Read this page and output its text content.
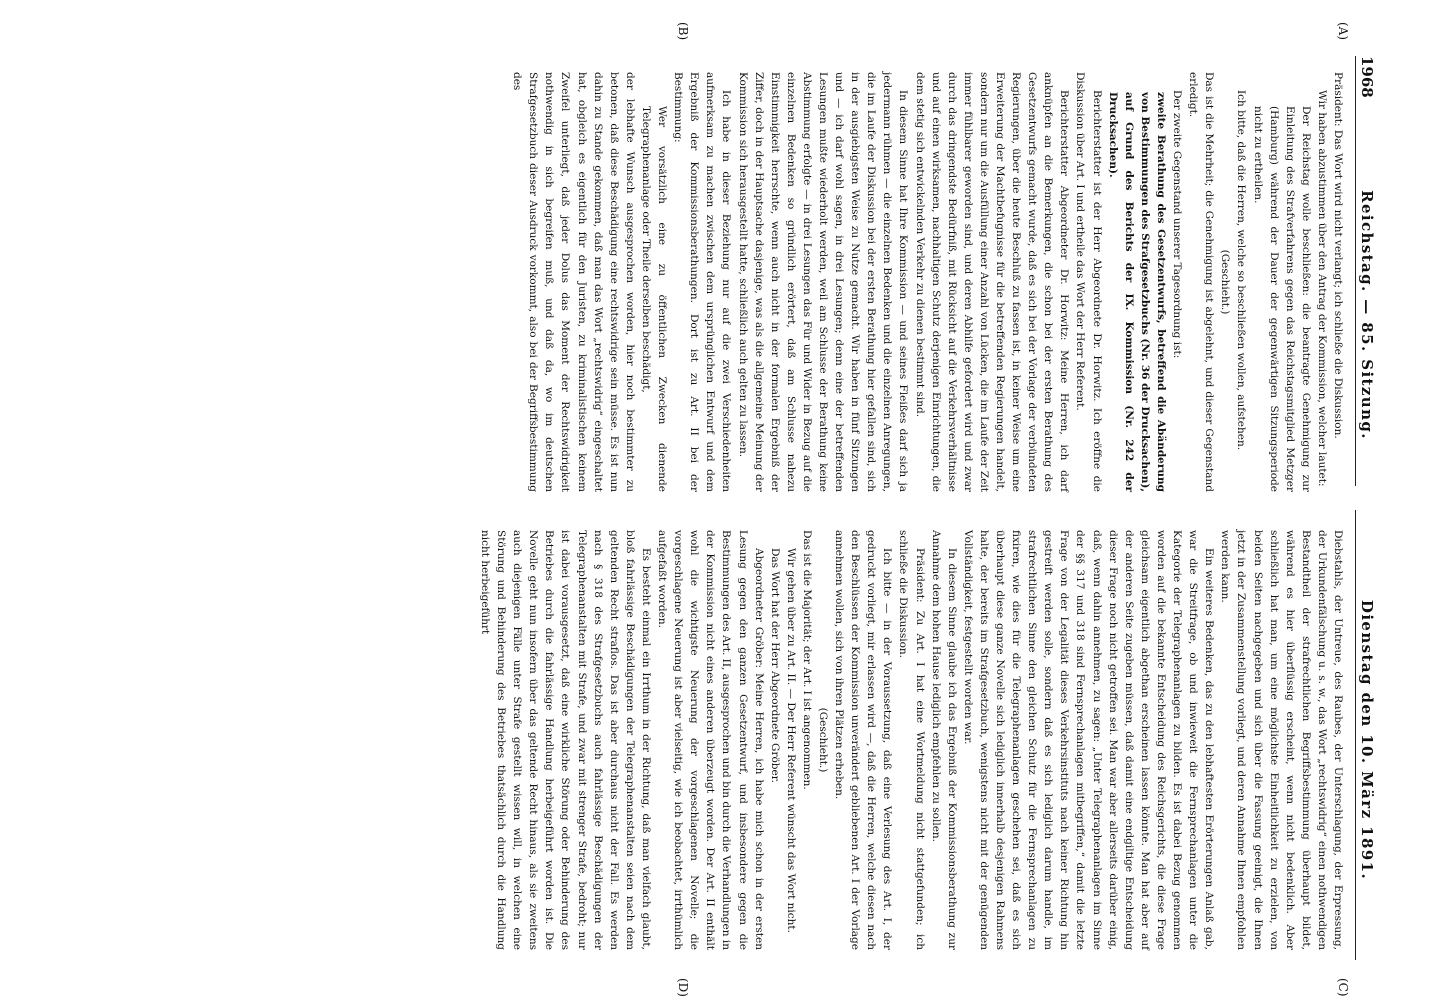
1968
Reichstag. — 85. Sitzung.
Dienstag den 10. März 1891.
(A)
(B)
(C)
(D)

Präsident: Das Wort wird nicht verlangt; ich schließe die Diskussion.

Wir haben abzustimmen über den Antrag der Kommission, welcher lautet:

Der Reichstag wolle beschließen: die beantragte Genehmigung zur Einleitung des Strafverfahrens gegen das Reichstagsmitglied Metzger (Hamburg) während der Dauer der gegenwärtigen Sitzungsperiode nicht zu ertheilen.

Ich bitte, daß die Herren, welche so beschließen wollen, aufstehen.

(Geschieht.)

Das ist die Mehrheit; die Genehmigung ist abgelehnt, und dieser Gegenstand erledigt.

Der zweite Gegenstand unserer Tagesordnung ist:

zweite Berathung des Gesetzentwurfs, betreffend die Abänderung von Bestimmungen des Strafgesetzbuchs (Nr. 36 der Drucksachen), auf Grund des Berichts der IX. Kommission (Nr. 242 der Drucksachen).

Berichterstatter ist der Herr Abgeordnete Dr. Horwitz. Ich eröffne die Diskussion über Art. I und ertheile das Wort der Herr Referent.

Berichterstatter Abgeordneter Dr. Horwitz: Meine Herren, ich darf anknüpfen an die Bemerkungen, die schon bei der ersten Berathung des Gesetzentwurfs gemacht wurde, daß es sich bei der Vorlage der verbündeten Regierungen, über die heute Beschluß zu fassen ist, in keiner Weise um eine Erweiterung der Machtbefugnisse für die betreffenden Regierungen handelt, sondern nur um die Ausfüllung einer Anzahl von Lücken, die im Laufe der Zeit immer fühlbarer geworden sind, und deren Abhilfe gefordert wird und zwar durch das dringendste Bedürfniß, mit Rücksicht auf die Verkehrsverhältnisse und auf einen wirksamen, nachhaltigen Schutz derjenigen Einrichtungen, die dem stetig sich entwickelnden Verkehr zu dienen bestimmt sind.

In diesem Sinne hat Ihre Kommission — und seines Fleißes darf sich ja jedermann rühmen — die einzelnen Bedenken und die einzelnen Anregungen, die im Laufe der Diskussion bei der ersten Berathung hier gefallen sind, sich in der ausgiebigsten Weise zu Nutze gemacht. Wir haben in fünf Sitzungen und — ich darf wohl sagen, in drei Lesungen; denn eine der betreffenden Lesungen mußte wiederholt werden, weil am Schlusse der Berathung keine Abstimmung erfolgte — in drei Lesungen das Für und Wider in Bezug auf die einzelnen Bedenken so gründlich erörtert, daß am Schlusse nahezu Einstimmigkeit herrschte, wenn auch nicht in der formalen Ergebniß der Ziffer, doch in der Hauptsache dasjenige, was als die allgemeine Meinung der Kommission sich herausgestellt hatte, schließlich auch gelten zu lassen.

Ich habe in dieser Beziehung nur auf die zwei Verschiedenheiten aufmerksam zu machen zwischen dem ursprünglichen Entwurf und dem Ergebniß der Kommissionsberathungen. Dort ist zu Art. II bei der Bestimmung:

Wer vorsätzlich eine zu öffentlichen Zwecken dienende Telegraphenanlage oder Theile derselben beschädigt,

der lebhafte Wunsch ausgesprochen worden, hier noch bestimmter zu betonen, daß diese Beschädigung eine rechtswidrige sein müsse. Es ist nun dahin zu Stande gekommen, daß man das Wort „rechtswidrig“ eingeschaltet hat, obgleich es eigentlich für den Juristen, zu kriminalistischen keinem Zweifel unterliegt, daß jeder Dolus das Moment der Rechtswidrigkeit nothwendig in sich begreifen muß, und daß da, wo im deutschen Strafgesetzbuch dieser Ausdruck vorkommt, also bei der Begriffsbestimmung des

Diebstahls, der Untreue, des Raubes, der Unterschlagung, der Erpressung, der Urkundenfälschung u. s. w., das Wort „rechtswidrig“ einen nothwendigen Bestandtheil der strafrechtlichen Begriffsbestimmung überhaupt bildet, während es hier überflüssig erscheint, wenn nicht bedenklich. Aber schließlich hat man, um eine möglichste Einheitlichkeit zu erzielen, von beiden Seiten nachgegeben und sich über die Fassung geeinigt, die Ihnen jetzt in der Zusammenstellung vorliegt, und deren Annahme Ihnen empfohlen werden kann.

Ein weiteres Bedenken, das zu den lebhaftesten Erörterungen Anlaß gab, war die Streitfrage, ob und inwieweit die Fernsprechanlagen unter die Kategorie der Telegraphenanlagen zu bilden. Es ist dabei Bezug genommen worden auf die bekannte Entscheidung des Reichsgerichts, die diese Frage gleichsam eigentlich abgethan erscheinen lassen könnte. Man hat aber auf der anderen Seite zugeben müssen, daß damit eine endgiltige Entscheidung dieser Frage noch nicht getroffen sei. Man war aber allerseits darüber einig, daß, wenn dahin annehmen, zu sagen: „Unter Telegraphenanlagen im Sinne der §§ 317 und 318 sind Fernsprechanlagen mitbegriffen,“ damit die letzte Frage von der Legalität dieses Verkehrsinstituts nach keiner Richtung hin gestreift werden solle, sondern daß es sich lediglich darum handle, im strafrechtlichen Sinne den gleichen Schutz für die Fernsprechanlagen zu fixiren, wie dies für die Telegraphenanlagen geschehen sei, daß es sich überhaupt diese ganze Novelle sich lediglich innerhalb desjenigen Rahmens halte, der bereits im Strafgesetzbuch, wenigstens nicht mit der genügenden Vollständigkeit, festgestellt worden war.

In diesem Sinne glaube ich das Ergebniß der Kommissionsberathung zur Annahme dem hohen Hause lediglich empfehlen zu sollen.

Präsident: Zu Art. I hat eine Wortmeldung nicht stattgefunden; ich schließe die Diskussion.

Ich bitte — in der Voraussetzung, daß eine Verlesung des Art. I, der gedruckt vorliegt, mir erlassen wird —, daß die Herren, welche diesen nach den Beschlüssen der Kommission unverändert gebliebenen Art. I der Vorlage annehmen wollen, sich von ihren Plätzen erheben.

(Geschieht.)

Das ist die Majorität; der Art. I ist angenommen.

Wir gehen über zu Art. II. — Der Herr Referent wünscht das Wort nicht.

Das Wort hat der Herr Abgeordnete Gröber.

Abgeordneter Gröber: Meine Herren, ich habe mich schon in der ersten Lesung gegen den ganzen Gesetzentwurf, und insbesondere gegen die Bestimmungen des Art. II, ausgesprochen und bin durch die Verhandlungen in der Kommission nicht eines anderen überzeugt worden. Der Art. II enthält wohl die wichtigste Neuerung der vorgeschlagenen Novelle; die vorgeschlagene Neuerung ist aber vielseitig, wie ich beobachtet, irrthümlich aufgefaßt worden.

Es besteht einmal ein Irrthum in der Richtung, daß man vielfach glaubt, bloß fahrlässige Beschädigungen der Telegraphenanstalten seien nach dem geltenden Recht straflos. Das ist aber durchaus nicht der Fall. Es werden nach § 318 des Strafgesetzbuchs auch fahrlässige Beschädigungen der Telegraphenanstalten mit Strafe, und zwar mit strenger Strafe, bedroht; nur ist dabei vorausgesetzt, daß eine wirkliche Störung oder Behinderung des Betriebes durch die fahrlässige Handlung herbeigeführt worden ist. Die Novelle geht nun insofern über das geltende Recht hinaus, als sie zweitens auch diejenigen Fälle unter Strafe gestellt wissen will, in welchen eine Störung und Behinderung des Betriebes thatsächlich durch die Handlung nicht herbeigeführt
